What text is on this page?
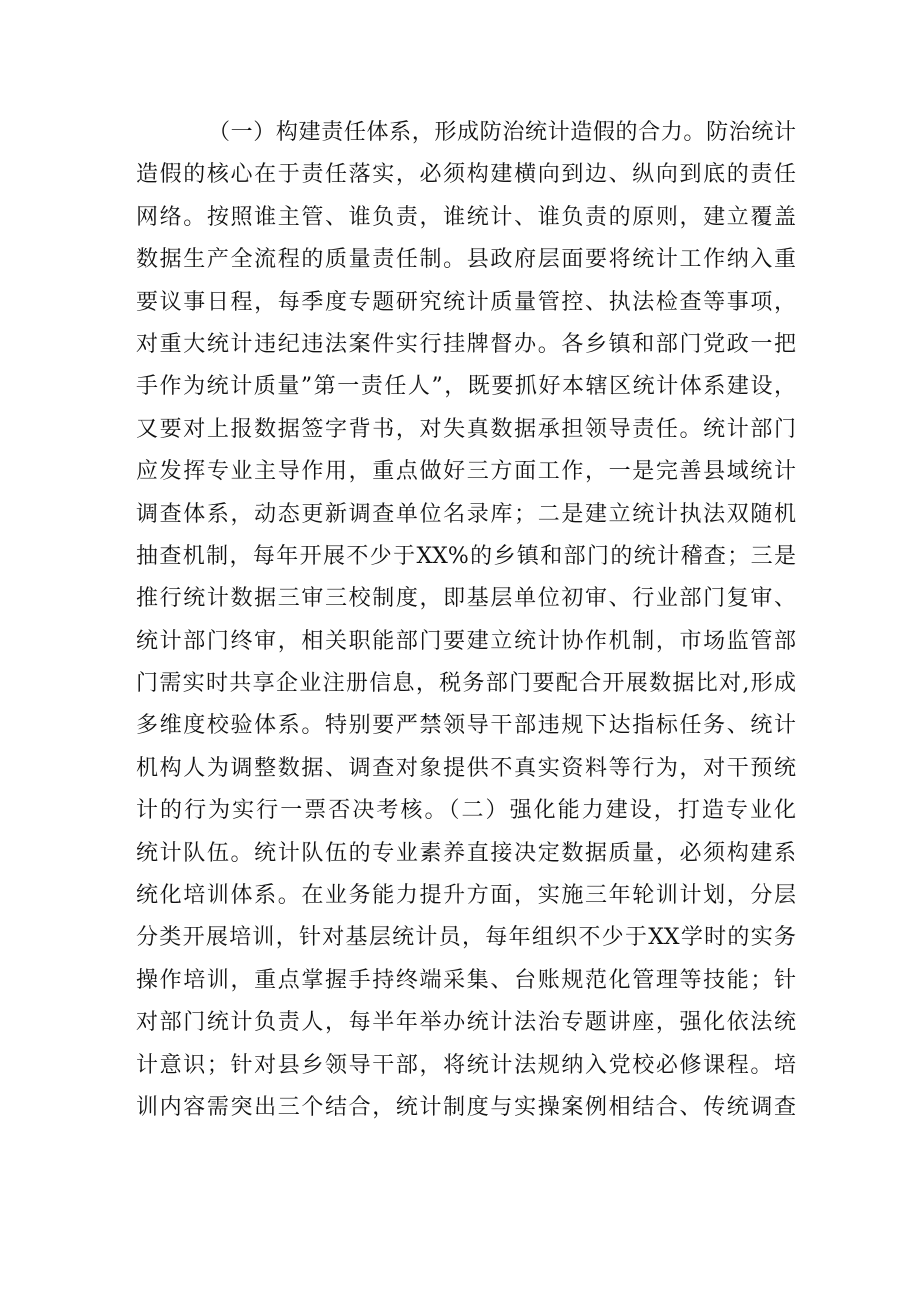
（一）构建责任体系，形成防治统计造假的合力。防治统计
造假的核心在于责任落实，必须构建横向到边、纵向到底的责任
网络。按照谁主管、谁负责，谁统计、谁负责的原则，建立覆盖
数据生产全流程的质量责任制。县政府层面要将统计工作纳入重
要议事日程，每季度专题研究统计质量管控、执法检查等事项，
对重大统计违纪违法案件实行挂牌督办。各乡镇和部门党政一把
手作为统计质量”第一责任人”，既要抓好本辖区统计体系建设，
又要对上报数据签字背书，对失真数据承担领导责任。统计部门
应发挥专业主导作用，重点做好三方面工作，一是完善县域统计
调查体系，动态更新调查单位名录库；二是建立统计执法双随机
抽查机制，每年开展不少于XX%的乡镇和部门的统计稽查；三是
推行统计数据三审三校制度，即基层单位初审、行业部门复审、
统计部门终审，相关职能部门要建立统计协作机制，市场监管部
门需实时共享企业注册信息，税务部门要配合开展数据比对,形成
多维度校验体系。特别要严禁领导干部违规下达指标任务、统计
机构人为调整数据、调查对象提供不真实资料等行为，对干预统
计的行为实行一票否决考核。（二）强化能力建设，打造专业化
统计队伍。统计队伍的专业素养直接决定数据质量，必须构建系
统化培训体系。在业务能力提升方面，实施三年轮训计划，分层
分类开展培训，针对基层统计员，每年组织不少于XX学时的实务
操作培训，重点掌握手持终端采集、台账规范化管理等技能；针
对部门统计负责人，每半年举办统计法治专题讲座，强化依法统
计意识；针对县乡领导干部，将统计法规纳入党校必修课程。培
训内容需突出三个结合，统计制度与实操案例相结合、传统调查
